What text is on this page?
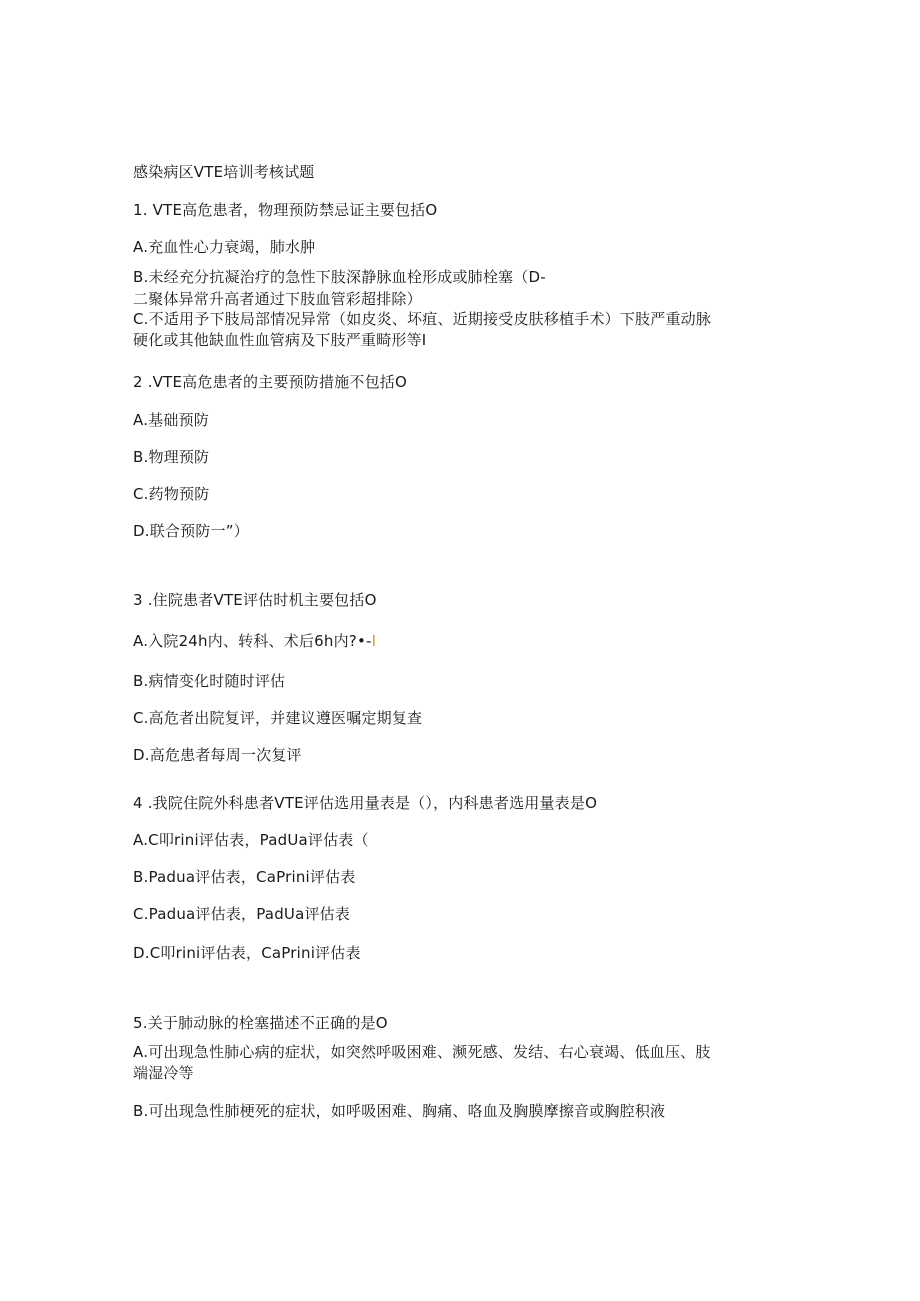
感染病区VTE培训考核试题
1. VTE高危患者，物理预防禁忌证主要包括O
A.充血性心力衰竭，肺水肿
B.未经充分抗凝治疗的急性下肢深静脉血栓形成或肺栓塞（D-
二聚体异常升高者通过下肢血管彩超排除）
C.不适用予下肢局部情况异常（如皮炎、坏疽、近期接受皮肤移植手术）下肢严重动脉
硬化或其他缺血性血管病及下肢严重畸形等I
2 .VTE高危患者的主要预防措施不包括O
A.基础预防
B.物理预防
C.药物预防
D.联合预防一”）
3 .住院患者VTE评估时机主要包括O
A.入院24h内、转科、术后6h内?•-I
B.病情变化时随时评估
C.高危者出院复评，并建议遵医嘱定期复查
D.高危患者每周一次复评
4 .我院住院外科患者VTE评估选用量表是（），内科患者选用量表是O
A.C叩rini评估表，PadUa评估表（
B.Padua评估表，CaPrini评估表
C.Padua评估表，PadUa评估表
D.C叩rini评估表，CaPrini评估表
5.关于肺动脉的栓塞描述不正确的是O
A.可出现急性肺心病的症状，如突然呼吸困难、濒死感、发结、右心衰竭、低血压、肢
端湿冷等
B.可出现急性肺梗死的症状，如呼吸困难、胸痛、咯血及胸膜摩擦音或胸腔积液
